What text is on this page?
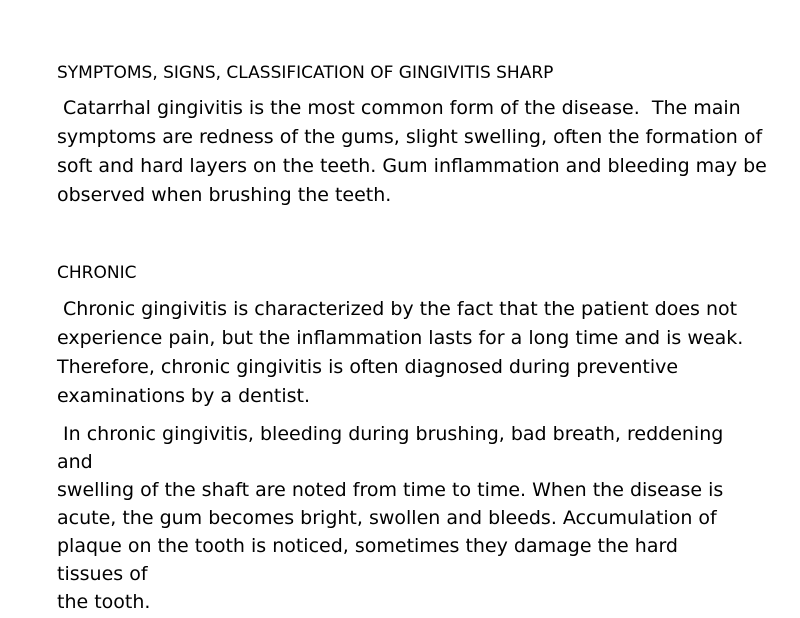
SYMPTOMS, SIGNS, CLASSIFICATION OF GINGIVITIS SHARP

Catarrhal gingivitis is the most common form of the disease.  The main
symptoms are redness of the gums, slight swelling, often the formation of
soft and hard layers on the teeth. Gum inflammation and bleeding may be
observed when brushing the teeth.

CHRONIC

Chronic gingivitis is characterized by the fact that the patient does not
experience pain, but the inflammation lasts for a long time and is weak.
Therefore, chronic gingivitis is often diagnosed during preventive
examinations by a dentist.

In chronic gingivitis, bleeding during brushing, bad breath, reddening
and
swelling of the shaft are noted from time to time. When the disease is
acute, the gum becomes bright, swollen and bleeds. Accumulation of
plaque on the tooth is noticed, sometimes they damage the hard
tissues of
the tooth.
